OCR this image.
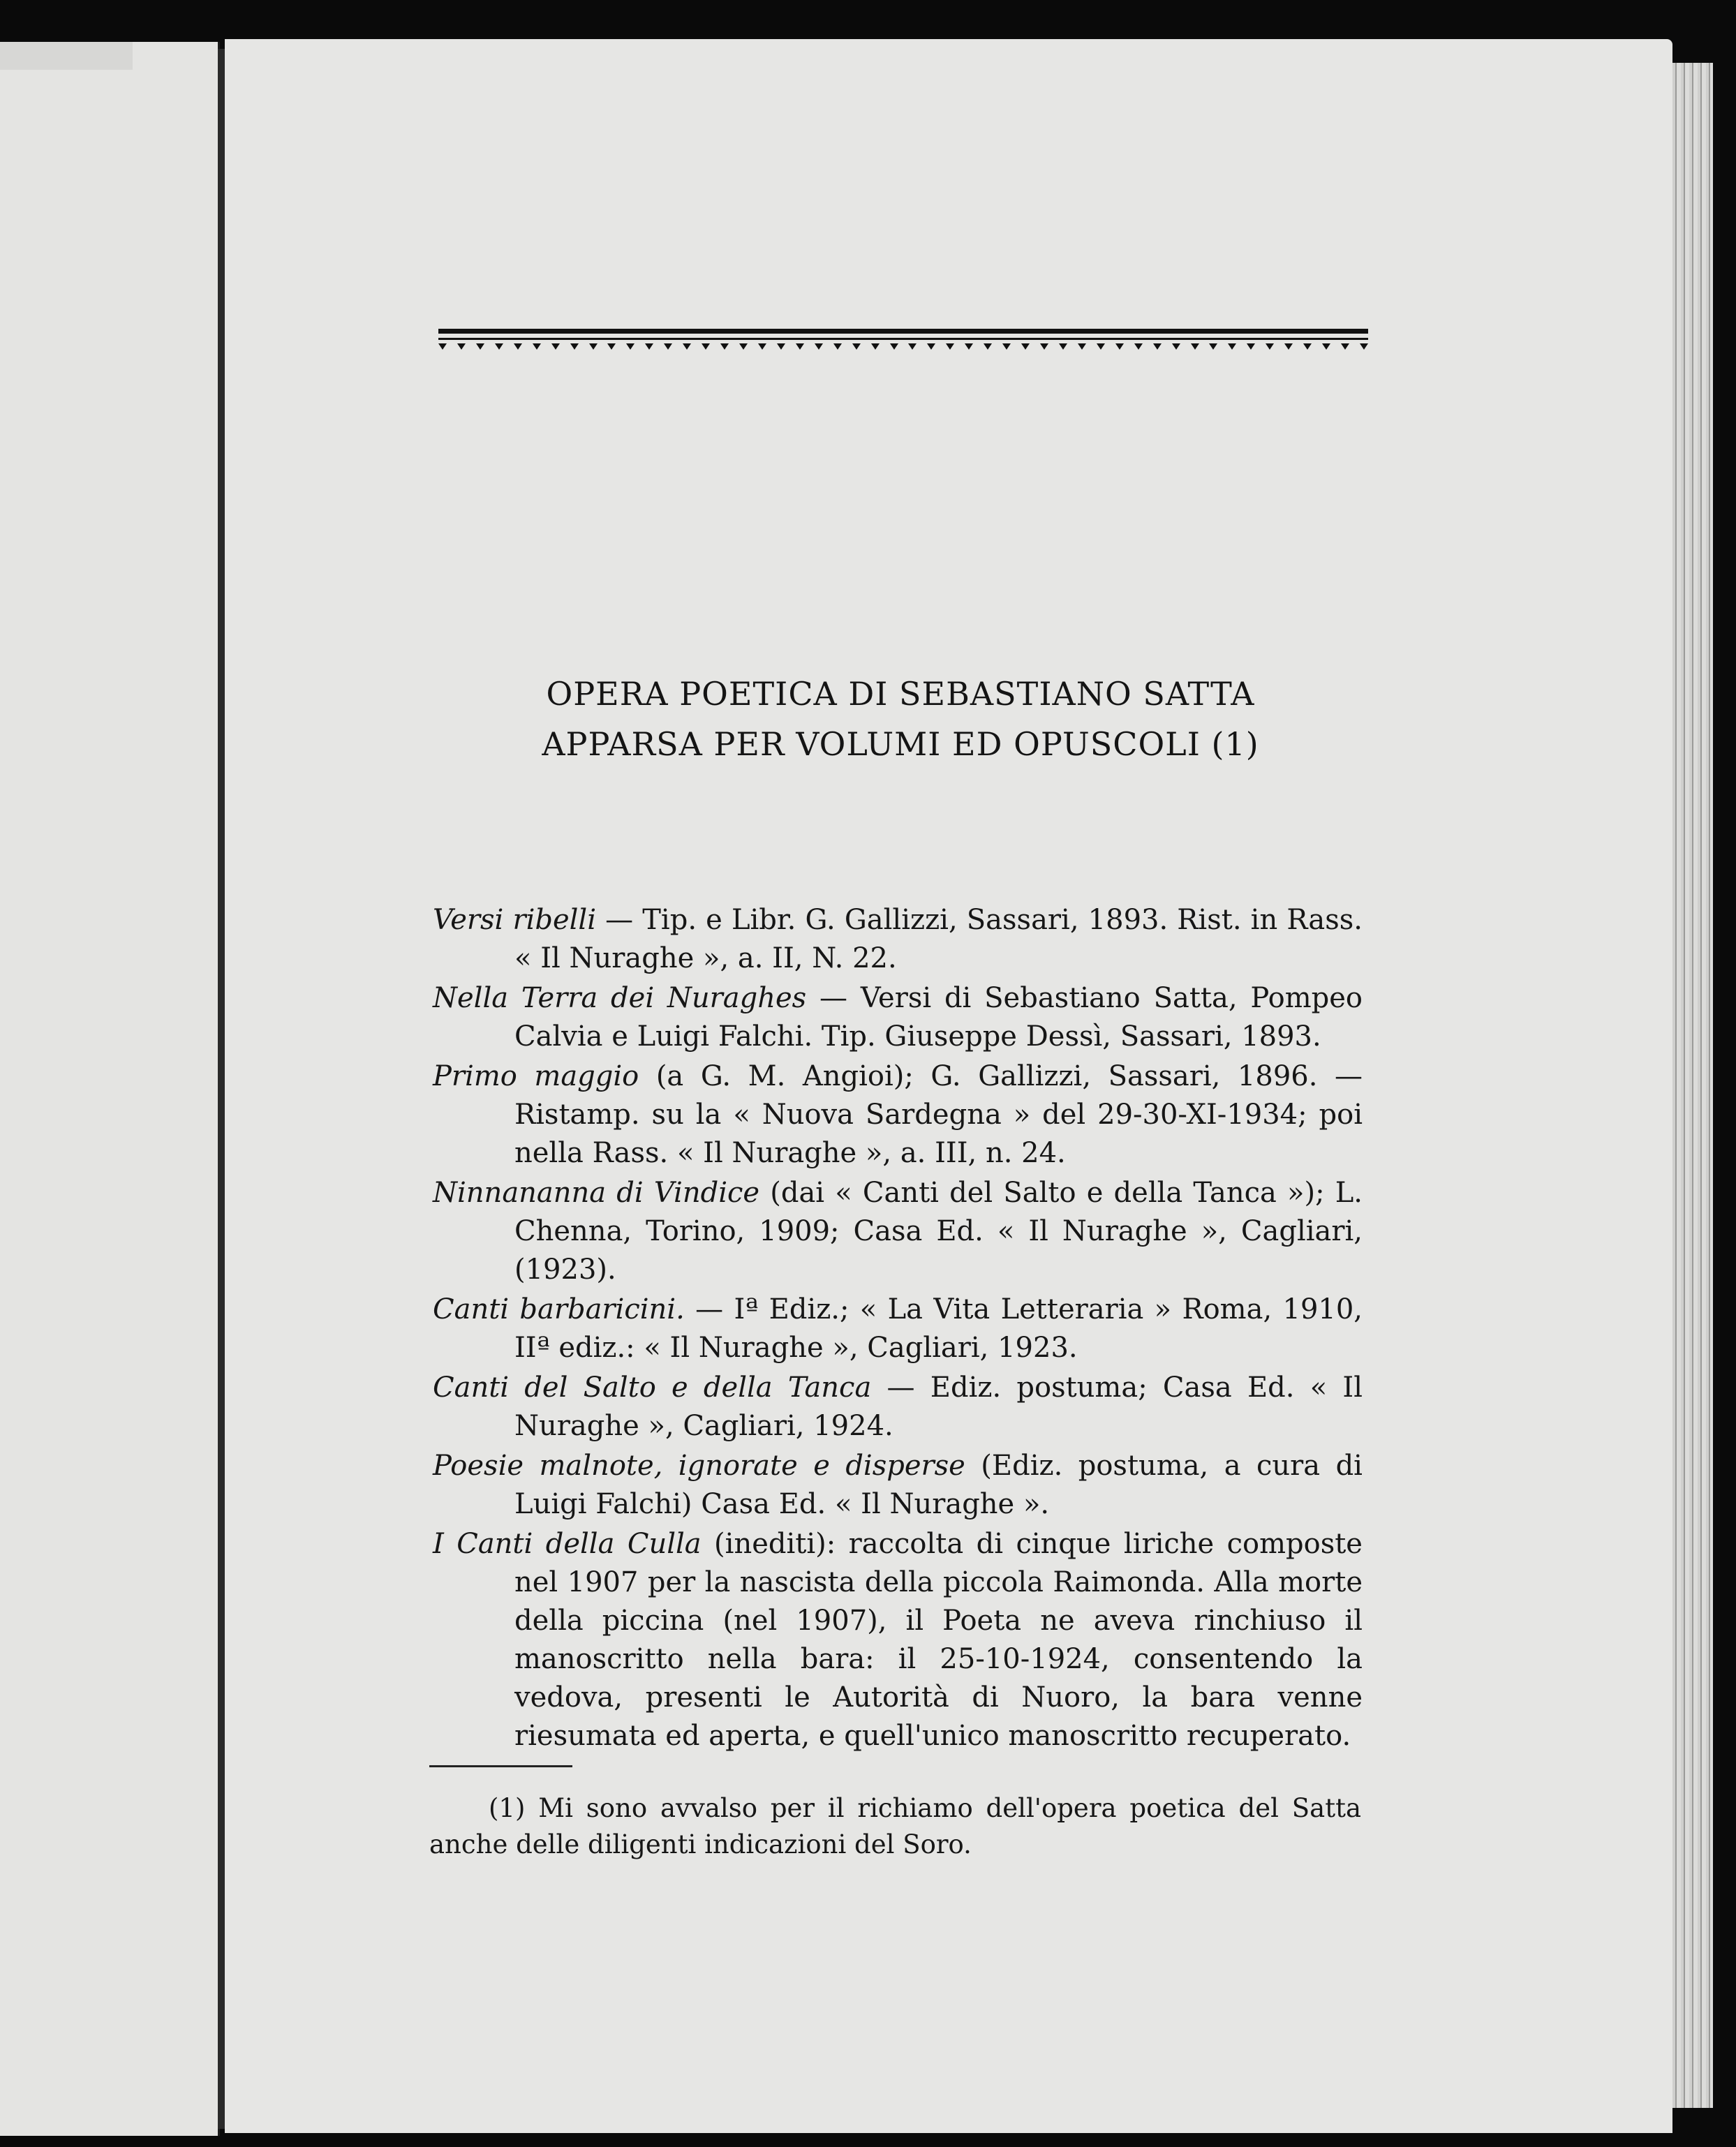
OPERA POETICA DI SEBASTIANO SATTA
APPARSA PER VOLUMI ED OPUSCOLI (1)

Versi ribelli — Tip. e Libr. G. Gallizzi, Sassari, 1893. Rist. in Rass. « Il Nuraghe », a. II, N. 22.

Nella Terra dei Nuraghes — Versi di Sebastiano Satta, Pompeo Calvia e Luigi Falchi. Tip. Giuseppe Dessì, Sassari, 1893.

Primo maggio (a G. M. Angioi); G. Gallizzi, Sassari, 1896. — Ristamp. su la « Nuova Sardegna » del 29-30-XI-1934; poi nella Rass. « Il Nuraghe », a. III, n. 24.

Ninnananna di Vindice (dai « Canti del Salto e della Tanca »); L. Chenna, Torino, 1909; Casa Ed. « Il Nuraghe », Cagliari, (1923).

Canti barbaricini. — Iª Ediz.; « La Vita Letteraria » Roma, 1910, IIª ediz.: « Il Nuraghe », Cagliari, 1923.

Canti del Salto e della Tanca — Ediz. postuma; Casa Ed. « Il Nuraghe », Cagliari, 1924.

Poesie malnote, ignorate e disperse (Ediz. postuma, a cura di Luigi Falchi) Casa Ed. « Il Nuraghe ».

I Canti della Culla (inediti): raccolta di cinque liriche composte nel 1907 per la nascista della piccola Raimonda. Alla morte della piccina (nel 1907), il Poeta ne aveva rinchiuso il manoscritto nella bara: il 25-10-1924, consentendo la vedova, presenti le Autorità di Nuoro, la bara venne riesumata ed aperta, e quell'unico manoscritto recuperato.

(1) Mi sono avvalso per il richiamo dell'opera poetica del Satta anche delle diligenti indicazioni del Soro.
